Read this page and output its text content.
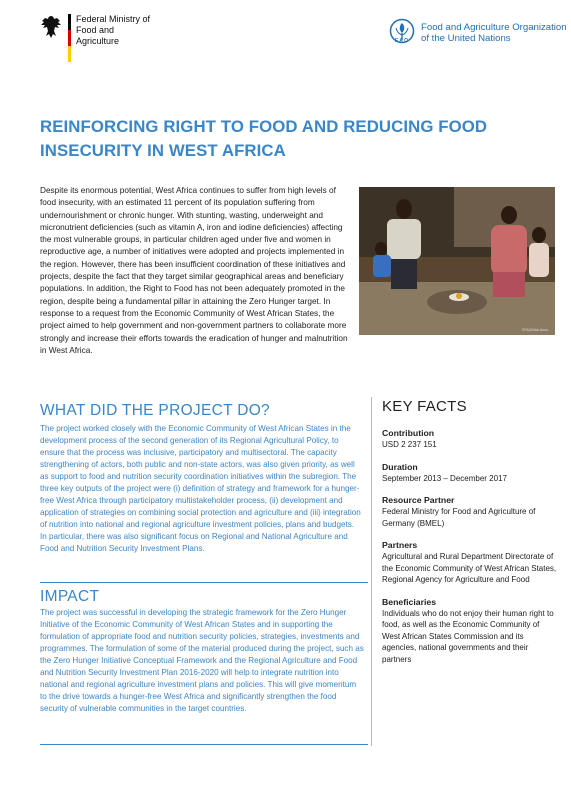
Federal Ministry of Food and Agriculture	F A O
Food and Agriculture Organization of the United Nations
REINFORCING RIGHT TO FOOD AND REDUCING FOOD INSECURITY IN WEST AFRICA
Despite its enormous potential, West Africa continues to suffer from high levels of food insecurity, with an estimated 11 percent of its population suffering from undernourishment or chronic hunger. With stunting, wasting, underweight and micronutrient deficiencies (such as vitamin A, iron and iodine deficiencies) affecting the most vulnerable groups, in particular children aged under five and women in reproductive age, a number of initiatives were adopted and projects implemented in the region. However, there has been insufficient coordination of these initiatives and projects, despite the fact that they target similar geographical areas and beneficiary populations. In addition, the Right to Food has not been adequately promoted in the region, despite being a fundamental pillar in attaining the Zero Hunger target. In response to a request from the Economic Community of West African States, the project aimed to help government and non-government partners to collaborate more strongly and increase their efforts towards the eradication of hunger and malnutrition in West Africa.
©FAO/Nick Anon...
WHAT DID THE PROJECT DO?
The project worked closely with the Economic Community of West African States in the development process of the second generation of its Regional Agricultural Policy, to ensure that the process was inclusive, participatory and multisectoral. The capacity strengthening of actors, both public and non-state actors, was also given priority, as well as support to food and nutrition security coordination initiatives within the subregion. The three key outputs of the project were (i) definition of strategy and framework for a hunger-free West Africa through participatory multistakeholder process, (ii) development and application of strategies on combining social protection and agriculture and (iii) integration of nutrition into national and regional agriculture investment policies, plans and budgets.
In particular, there was also significant focus on Regional and National Agriculture and Food and Nutrition Security Investment Plans.
IMPACT
The project was successful in developing the strategic framework for the Zero Hunger Initiative of the Economic Community of West African States and in supporting the formulation of appropriate food and nutrition security policies, strategies, investments and programmes. The formulation of some of the material produced during the project, such as the Zero Hunger Initiative Conceptual Framework and the Regional Agriculture and Food and Nutrition Security Investment Plan 2016-2020 will help to integrate nutrition into national and regional agriculture investment plans and policies. This will give momentum to the drive towards a hunger-free West Africa and significantly strengthen the food security of vulnerable communities in the target countries.
KEY FACTS
Contribution
USD 2 237 151
Duration
September 2013 – December 2017
Resource Partner
Federal Ministry for Food and Agriculture of Germany (BMEL)
Partners
Agricultural and Rural Department Directorate of the Economic Community of West African States, Regional Agency for Agriculture and Food
Beneficiaries
Individuals who do not enjoy their human right to food, as well as the Economic Community of West African States Commission and its agencies, national governments and their partners
